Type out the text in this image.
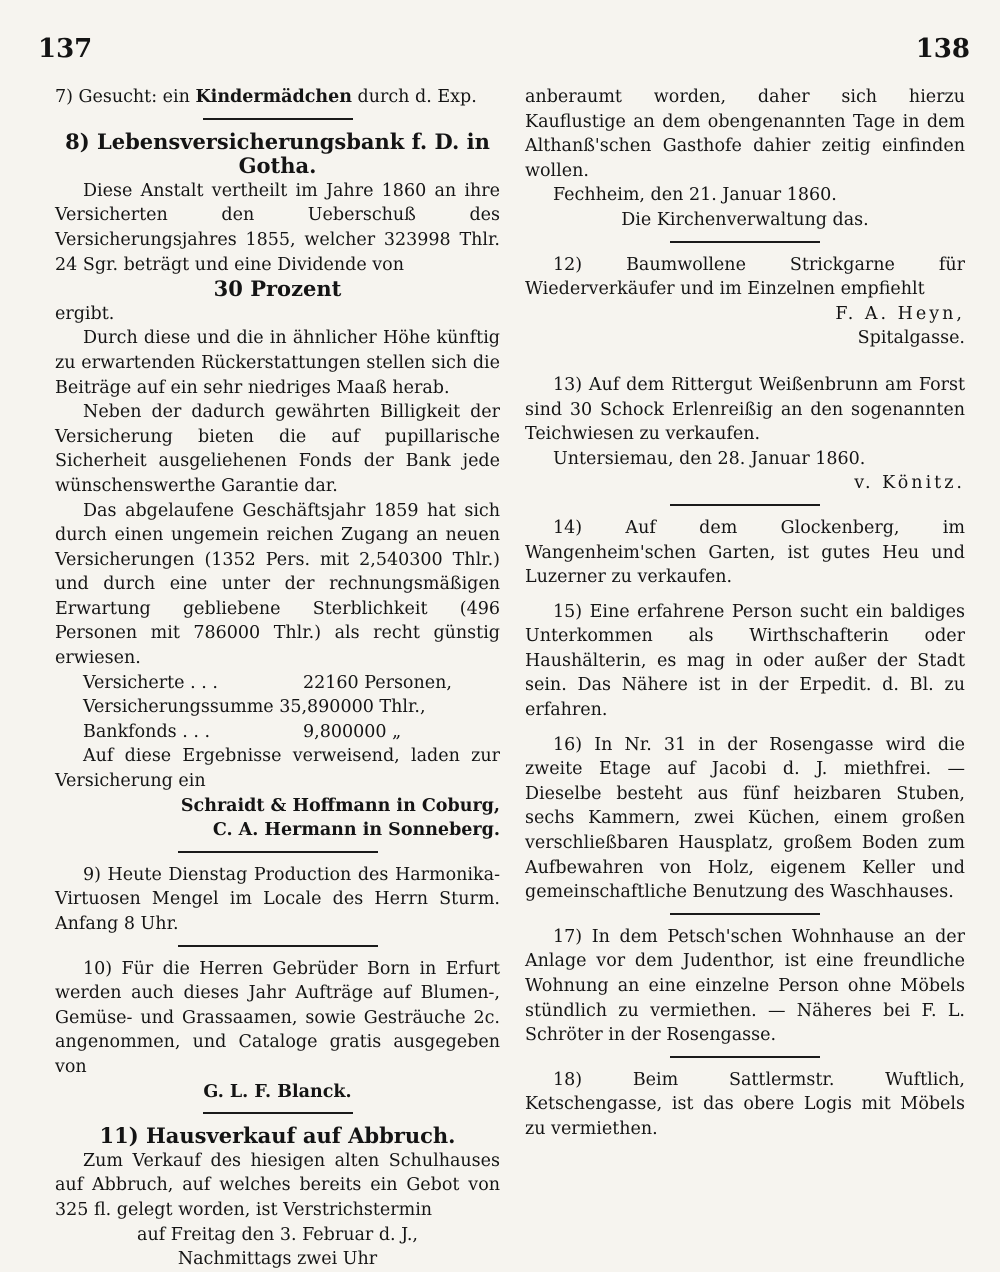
137	138

7) Gesucht: ein Kindermädchen durch d. Exp.

8) Lebensversicherungsbank f. D. in Gotha.

Diese Anstalt vertheilt im Jahre 1860 an ihre Versicherten den Ueberschuß des Versicherungsjahres 1855, welcher 323998 Thlr. 24 Sgr. beträgt und eine Dividende von

30 Prozent

ergibt.

Durch diese und die in ähnlicher Höhe künftig zu erwartenden Rückerstattungen stellen sich die Beiträge auf ein sehr niedriges Maaß herab.

Neben der dadurch gewährten Billigkeit der Versicherung bieten die auf pupillarische Sicherheit ausgeliehenen Fonds der Bank jede wünschenswerthe Garantie dar.

Das abgelaufene Geschäftsjahr 1859 hat sich durch einen ungemein reichen Zugang an neuen Versicherungen (1352 Pers. mit 2,540300 Thlr.) und durch eine unter der rechnungsmäßigen Erwartung gebliebene Sterblichkeit (496 Personen mit 786000 Thlr.) als recht günstig erwiesen.

Versicherte . . .	22160 Personen,

Versicherungssumme 35,890000 Thlr.,

Bankfonds . . .	9,800000 „

Auf diese Ergebnisse verweisend, laden zur Versicherung ein

Schraidt & Hoffmann in Coburg,

C. A. Hermann in Sonneberg.

9) Heute Dienstag Production des Harmonika-Virtuosen Mengel im Locale des Herrn Sturm. Anfang 8 Uhr.

10) Für die Herren Gebrüder Born in Erfurt werden auch dieses Jahr Aufträge auf Blumen-, Gemüse- und Grassaamen, sowie Gesträuche 2c. angenommen, und Cataloge gratis ausgegeben von

G. L. F. Blanck.

11) Hausverkauf auf Abbruch.

Zum Verkauf des hiesigen alten Schulhauses auf Abbruch, auf welches bereits ein Gebot von 325 fl. gelegt worden, ist Verstrichstermin

auf Freitag den 3. Februar d. J.,

Nachmittags zwei Uhr

anberaumt worden, daher sich hierzu Kauflustige an dem obengenannten Tage in dem Althanß'schen Gasthofe dahier zeitig einfinden wollen.

Fechheim, den 21. Januar 1860.

Die Kirchenverwaltung das.

12) Baumwollene Strickgarne für Wiederverkäufer und im Einzelnen empfiehlt

F. A. Heyn,

Spitalgasse.

13) Auf dem Rittergut Weißenbrunn am Forst sind 30 Schock Erlenreißig an den sogenannten Teichwiesen zu verkaufen.

Untersiemau, den 28. Januar 1860.

v. Könitz.

14) Auf dem Glockenberg, im Wangenheim'schen Garten, ist gutes Heu und Luzerner zu verkaufen.

15) Eine erfahrene Person sucht ein baldiges Unterkommen als Wirthschafterin oder Haushälterin, es mag in oder außer der Stadt sein. Das Nähere ist in der Erpedit. d. Bl. zu erfahren.

16) In Nr. 31 in der Rosengasse wird die zweite Etage auf Jacobi d. J. miethfrei. — Dieselbe besteht aus fünf heizbaren Stuben, sechs Kammern, zwei Küchen, einem großen verschließbaren Hausplatz, großem Boden zum Aufbewahren von Holz, eigenem Keller und gemeinschaftliche Benutzung des Waschhauses.

17) In dem Petsch'schen Wohnhause an der Anlage vor dem Judenthor, ist eine freundliche Wohnung an eine einzelne Person ohne Möbels stündlich zu vermiethen. — Näheres bei F. L. Schröter in der Rosengasse.

18) Beim Sattlermstr. Wuftlich, Ketschengasse, ist das obere Logis mit Möbels zu vermiethen.
